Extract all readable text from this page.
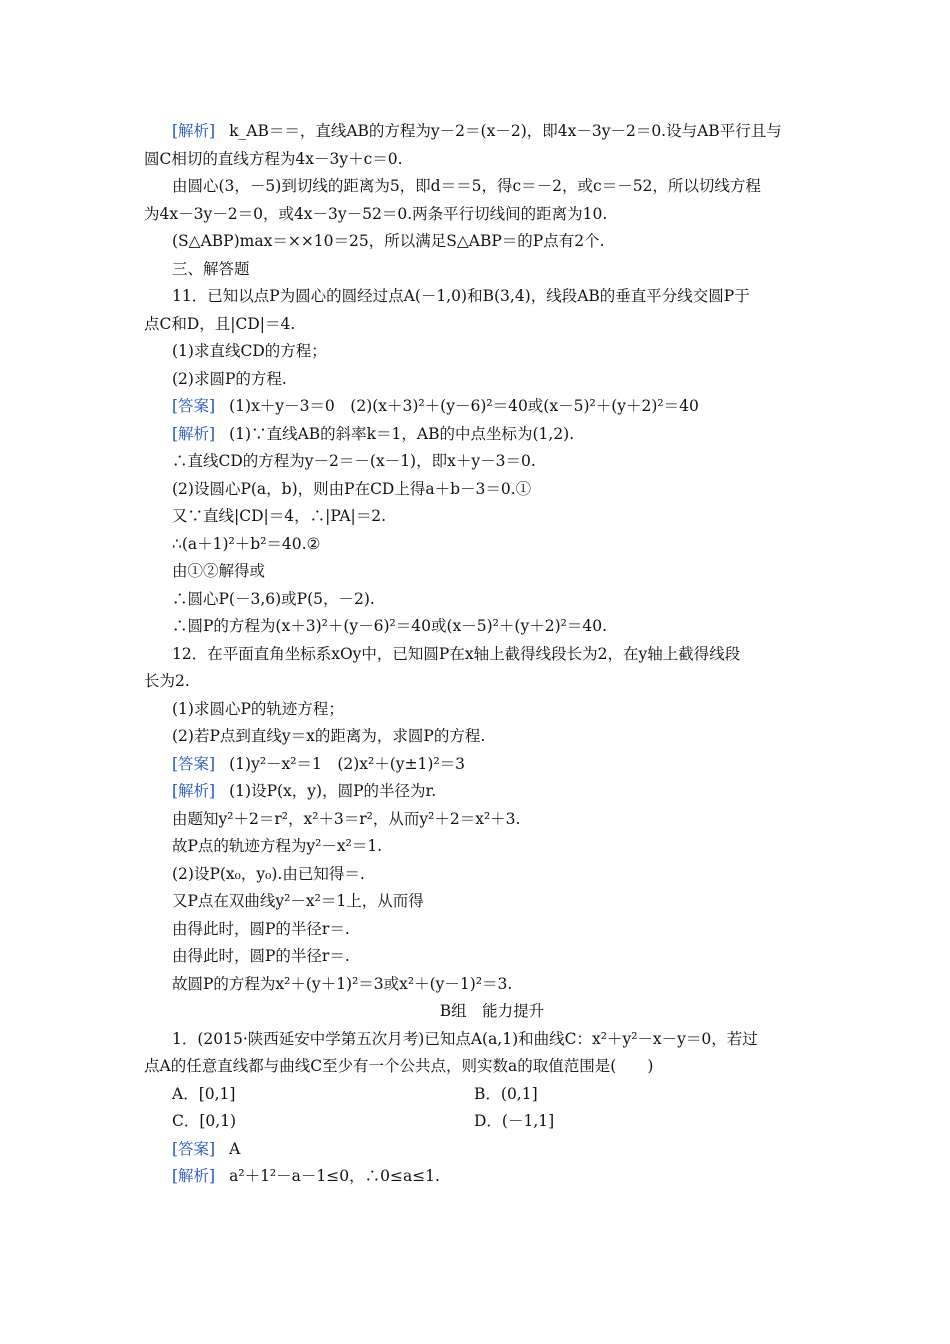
[解析] k_AB＝＝，直线AB的方程为y－2＝(x－2)，即4x－3y－2＝0.设与AB平行且与
圆C相切的直线方程为4x－3y＋c＝0.
由圆心(3，－5)到切线的距离为5，即d＝＝5，得c＝－2，或c＝－52，所以切线方程
为4x－3y－2＝0，或4x－3y－52＝0.两条平行切线间的距离为10.
(S△ABP)max＝××10＝25，所以满足S△ABP＝的P点有2个.
三、解答题
11．已知以点P为圆心的圆经过点A(－1,0)和B(3,4)，线段AB的垂直平分线交圆P于
点C和D，且|CD|＝4.
(1)求直线CD的方程；
(2)求圆P的方程.
[答案] (1)x＋y－3＝0　(2)(x＋3)²＋(y－6)²＝40或(x－5)²＋(y＋2)²＝40
[解析] (1)∵直线AB的斜率k＝1，AB的中点坐标为(1,2).
∴直线CD的方程为y－2＝－(x－1)，即x＋y－3＝0.
(2)设圆心P(a，b)，则由P在CD上得a＋b－3＝0.①
又∵直线|CD|＝4，∴|PA|＝2.
∴(a＋1)²＋b²＝40.②
由①②解得或
∴圆心P(－3,6)或P(5，－2).
∴圆P的方程为(x＋3)²＋(y－6)²＝40或(x－5)²＋(y＋2)²＝40.
12．在平面直角坐标系xOy中，已知圆P在x轴上截得线段长为2，在y轴上截得线段
长为2.
(1)求圆心P的轨迹方程；
(2)若P点到直线y＝x的距离为，求圆P的方程.
[答案] (1)y²－x²＝1　(2)x²＋(y±1)²＝3
[解析] (1)设P(x，y)，圆P的半径为r.
由题知y²＋2＝r²，x²＋3＝r²，从而y²＋2＝x²＋3.
故P点的轨迹方程为y²－x²＝1.
(2)设P(x₀，y₀).由已知得＝.
又P点在双曲线y²－x²＝1上，从而得
由得此时，圆P的半径r＝.
由得此时，圆P的半径r＝.
故圆P的方程为x²＋(y＋1)²＝3或x²＋(y－1)²＝3.
B组　能力提升
1．(2015·陕西延安中学第五次月考)已知点A(a,1)和曲线C：x²＋y²－x－y＝0，若过
点A的任意直线都与曲线C至少有一个公共点，则实数a的取值范围是(　　)
A．[0,1]	B．(0,1]
C．[0,1)	D．(－1,1]
[答案] A
[解析] a²＋1²－a－1≤0，∴0≤a≤1.
